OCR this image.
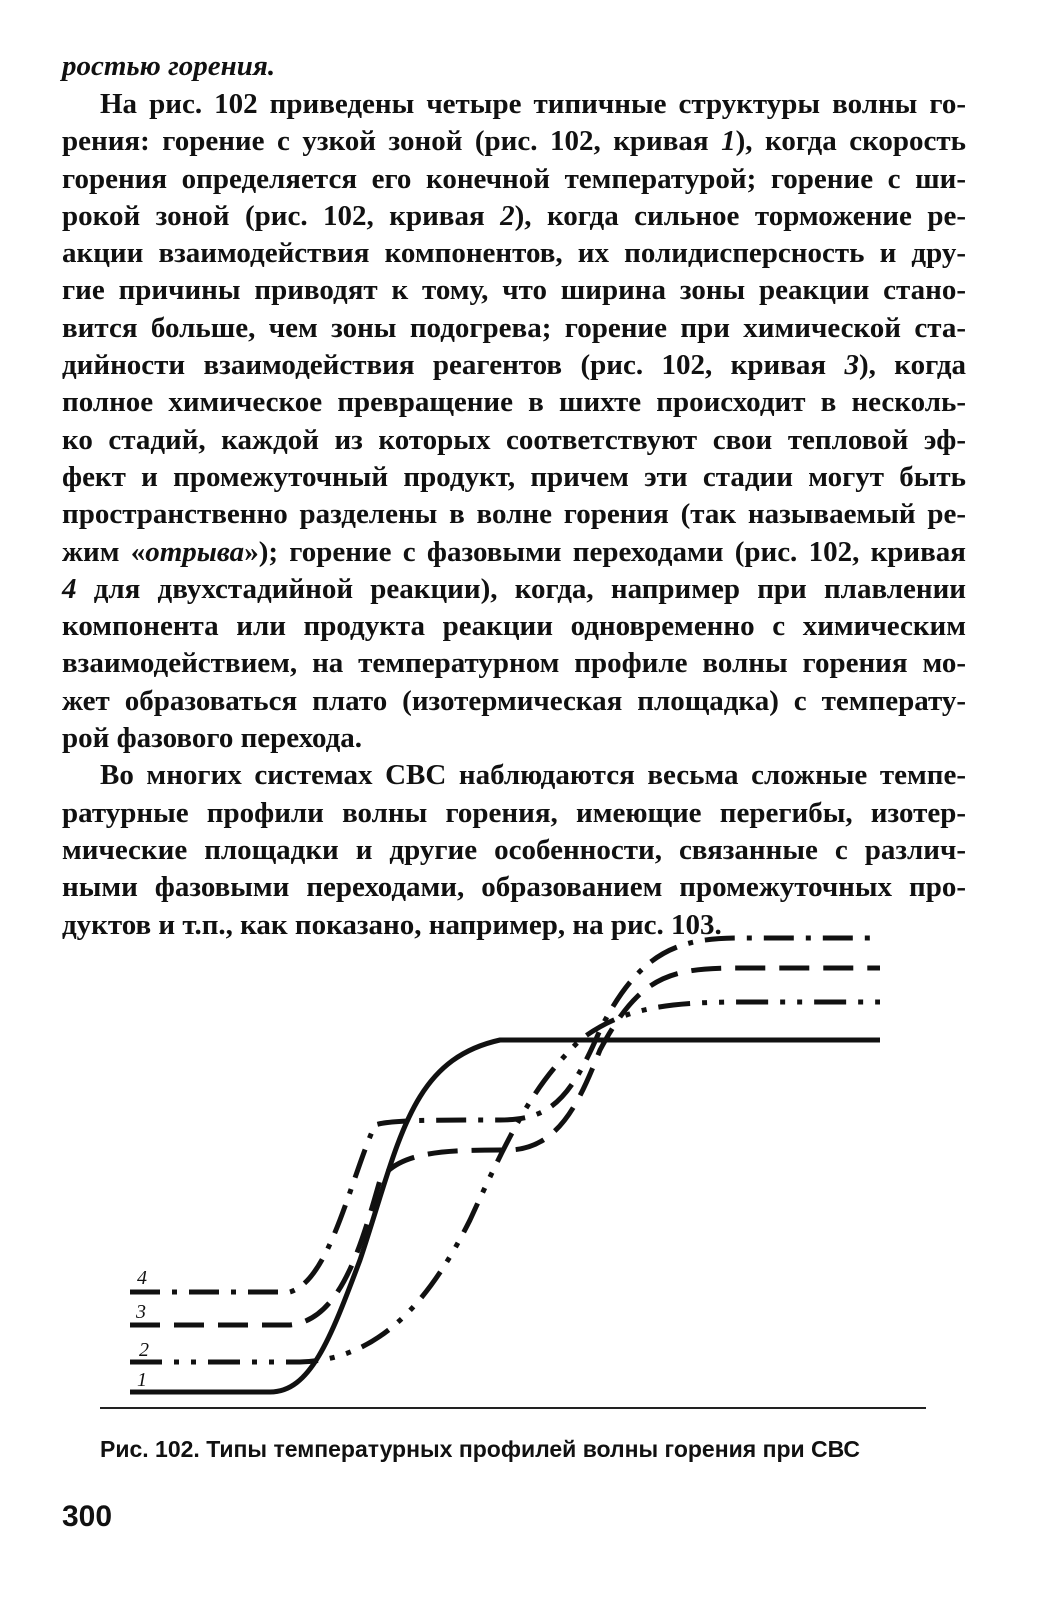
ростью горения.
На рис. 102 приведены четыре типичные структуры волны го-
рения: горение с узкой зоной (рис. 102, кривая 1), когда скорость
горения определяется его конечной температурой; горение с ши-
рокой зоной (рис. 102, кривая 2), когда сильное торможение ре-
акции взаимодействия компонентов, их полидисперсность и дру-
гие причины приводят к тому, что ширина зоны реакции стано-
вится больше, чем зоны подогрева; горение при химической ста-
дийности взаимодействия реагентов (рис. 102, кривая 3), когда
полное химическое превращение в шихте происходит в несколь-
ко стадий, каждой из которых соответствуют свои тепловой эф-
фект и промежуточный продукт, причем эти стадии могут быть
пространственно разделены в волне горения (так называемый ре-
жим «отрыва»); горение с фазовыми переходами (рис. 102, кривая
4 для двухстадийной реакции), когда, например при плавлении
компонента или продукта реакции одновременно с химическим
взаимодействием, на температурном профиле волны горения мо-
жет образоваться плато (изотермическая площадка) с температу-
рой фазового перехода.
Во многих системах СВС наблюдаются весьма сложные темпе-
ратурные профили волны горения, имеющие перегибы, изотер-
мические площадки и другие особенности, связанные с различ-
ными фазовыми переходами, образованием промежуточных про-
дуктов и т.п., как показано, например, на рис. 103.
1
2
3
4
Рис. 102. Типы температурных профилей волны горения при СВС
300
